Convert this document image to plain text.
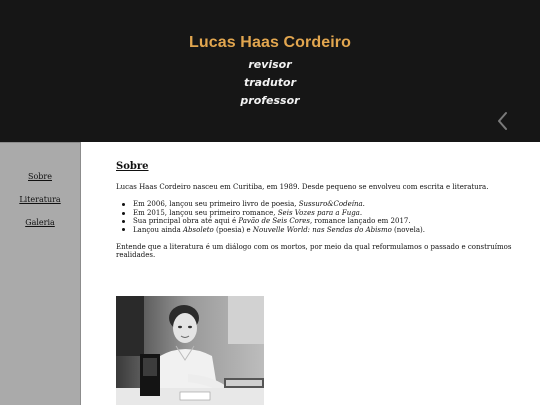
Lucas Haas Cordeiro
revisor
tradutor
professor
Sobre
Literatura
Galeria
Sobre

Lucas Haas Cordeiro nasceu em Curitiba, em 1989. Desde pequeno se envolveu com escrita e literatura.

Em 2006, lançou seu primeiro livro de poesia, Sussuro&Codeína.
Em 2015, lançou seu primeiro romance, Seis Vozes para a Fuga.
Sua principal obra até aqui é Pavão de Seis Cores, romance lançado em 2017.
Lançou ainda Absoleto (poesia) e Nouvelle World: nas Sendas do Abismo (novela).

Entende que a literatura é um diálogo com os mortos, por meio da qual reformulamos o passado e construímos realidades.
